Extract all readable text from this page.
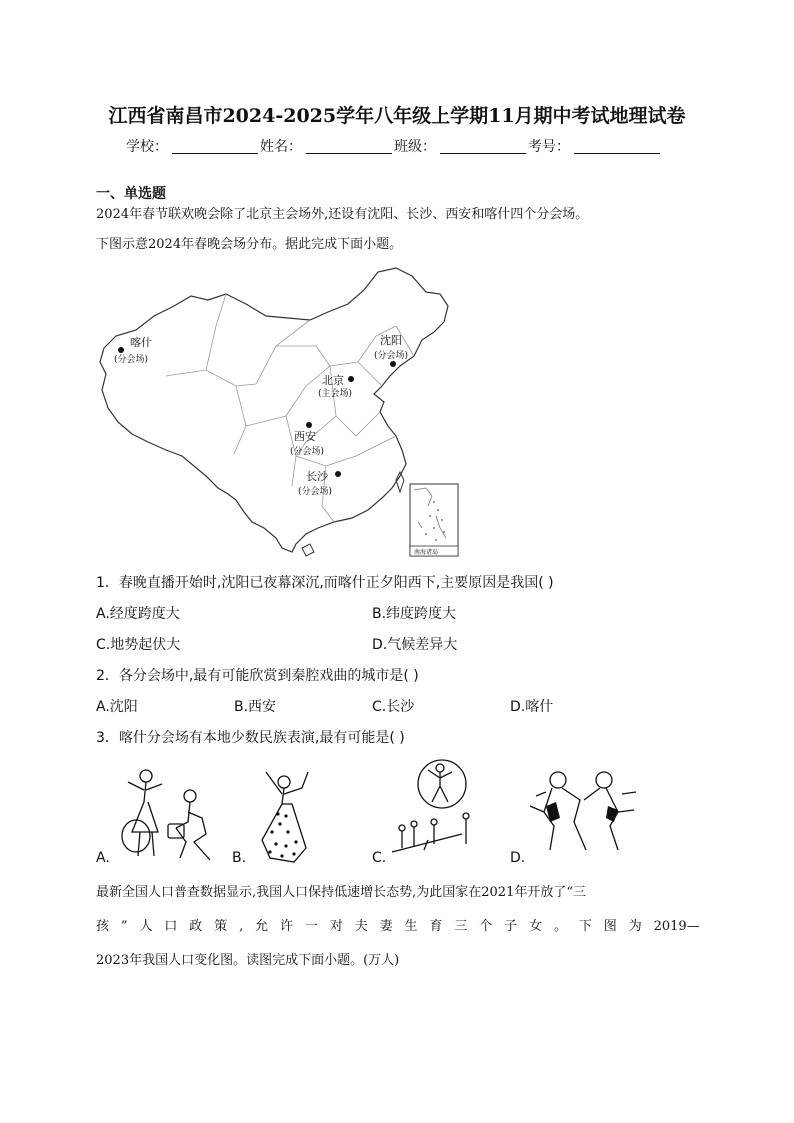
江西省南昌市2024-2025学年八年级上学期11月期中考试地理试卷
学校：	姓名：	班级：	考号：
一、单选题
2024年春节联欢晚会除了北京主会场外,还设有沈阳、长沙、西安和喀什四个分会场。
下图示意2024年春晚会场分布。据此完成下面小题。
喀什
(分会场)
沈阳
(分会场)
北京
(主会场)
西安
(分会场)
长沙
(分会场)
南海诸岛
1．春晚直播开始时,沈阳已夜幕深沉,而喀什正夕阳西下,主要原因是我国( )
A.经度跨度大	B.纬度跨度大
C.地势起伏大	D.气候差异大
2．各分会场中,最有可能欣赏到秦腔戏曲的城市是( )
A.沈阳	B.西安	C.长沙	D.喀什
3．喀什分会场有本地少数民族表演,最有可能是( )
A.	B.	C.	D.
最新全国人口普查数据显示,我国人口保持低速增长态势,为此国家在2021年开放了“三
孩 ” 人 口 政 策 , 允 许 一 对 夫 妻 生 育 三 个 子 女 。 下 图 为 2019—
2023年我国人口变化图。读图完成下面小题。(万人)
